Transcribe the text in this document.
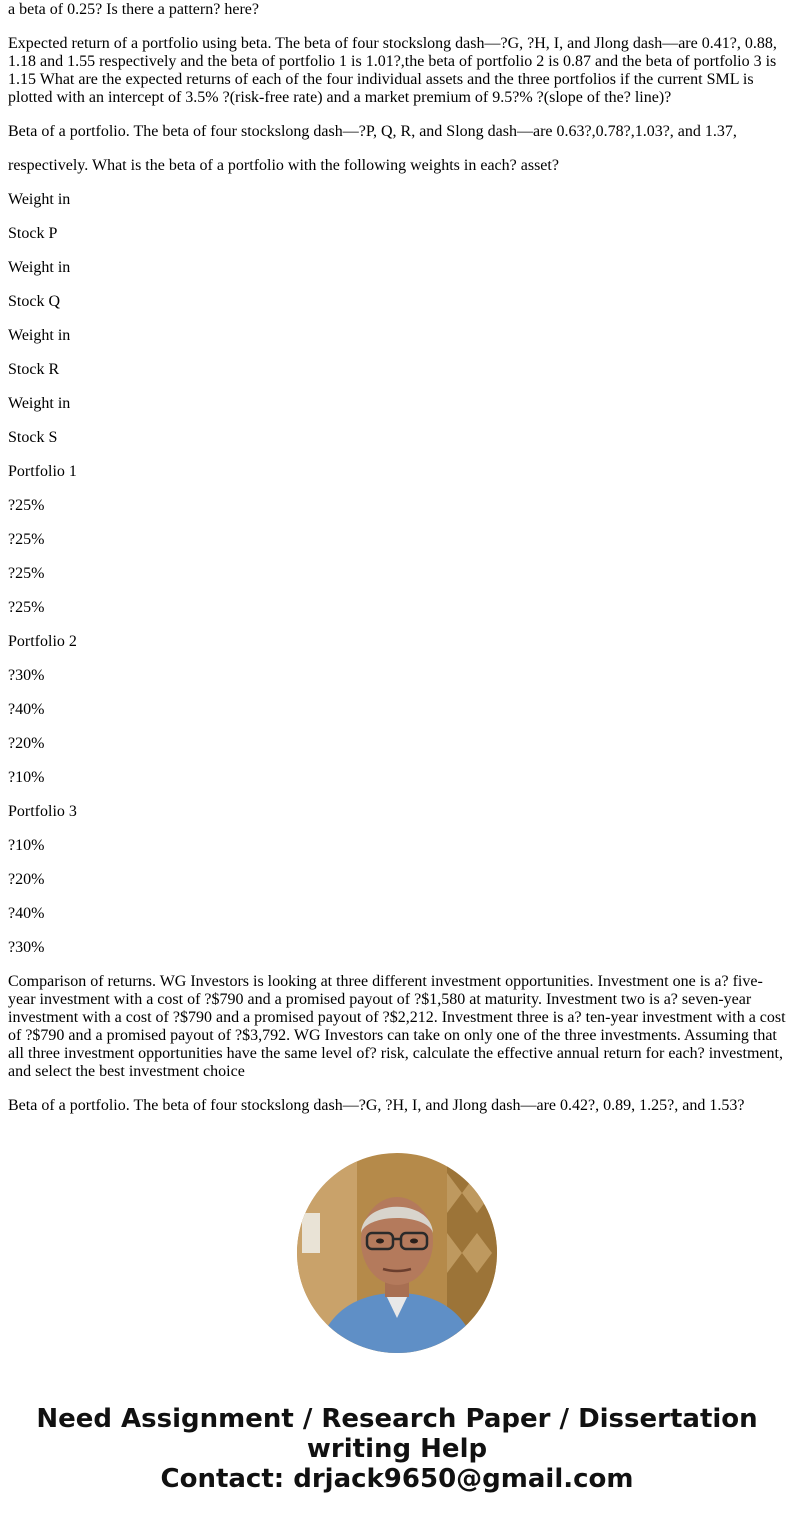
a beta of 0.25? Is there a pattern? here?

Expected return of a portfolio using beta. The beta of four stockslong dash—?G, ?H, I, and Jlong dash—are 0.41?, 0.88, 1.18 and 1.55 respectively and the beta of portfolio 1 is 1.01?,the beta of portfolio 2 is 0.87 and the beta of portfolio 3 is 1.15 What are the expected returns of each of the four individual assets and the three portfolios if the current SML is plotted with an intercept of 3.5% ?(risk-free rate) and a market premium of 9.5?% ?(slope of the? line)?

Beta of a portfolio. The beta of four stockslong dash—?P, Q, R, and Slong dash—are 0.63?,0.78?,1.03?, and 1.37,

respectively. What is the beta of a portfolio with the following weights in each? asset?

Weight in

Stock P

Weight in

Stock Q

Weight in

Stock R

Weight in

Stock S

Portfolio 1

?25%

?25%

?25%

?25%

Portfolio 2

?30%

?40%

?20%

?10%

Portfolio 3

?10%

?20%

?40%

?30%

Comparison of returns. WG Investors is looking at three different investment opportunities. Investment one is a? five-year investment with a cost of ?$790 and a promised payout of ?$1,580 at maturity. Investment two is a? seven-year investment with a cost of ?$790 and a promised payout of ?$2,212. Investment three is a? ten-year investment with a cost of ?$790 and a promised payout of ?$3,792. WG Investors can take on only one of the three investments. Assuming that all three investment opportunities have the same level of? risk, calculate the effective annual return for each? investment, and select the best investment choice

Beta of a portfolio. The beta of four stockslong dash—?G, ?H, I, and Jlong dash—are 0.42?, 0.89, 1.25?, and 1.53?

Need Assignment / Research Paper / Dissertation
writing Help
Contact: drjack9650@gmail.com
